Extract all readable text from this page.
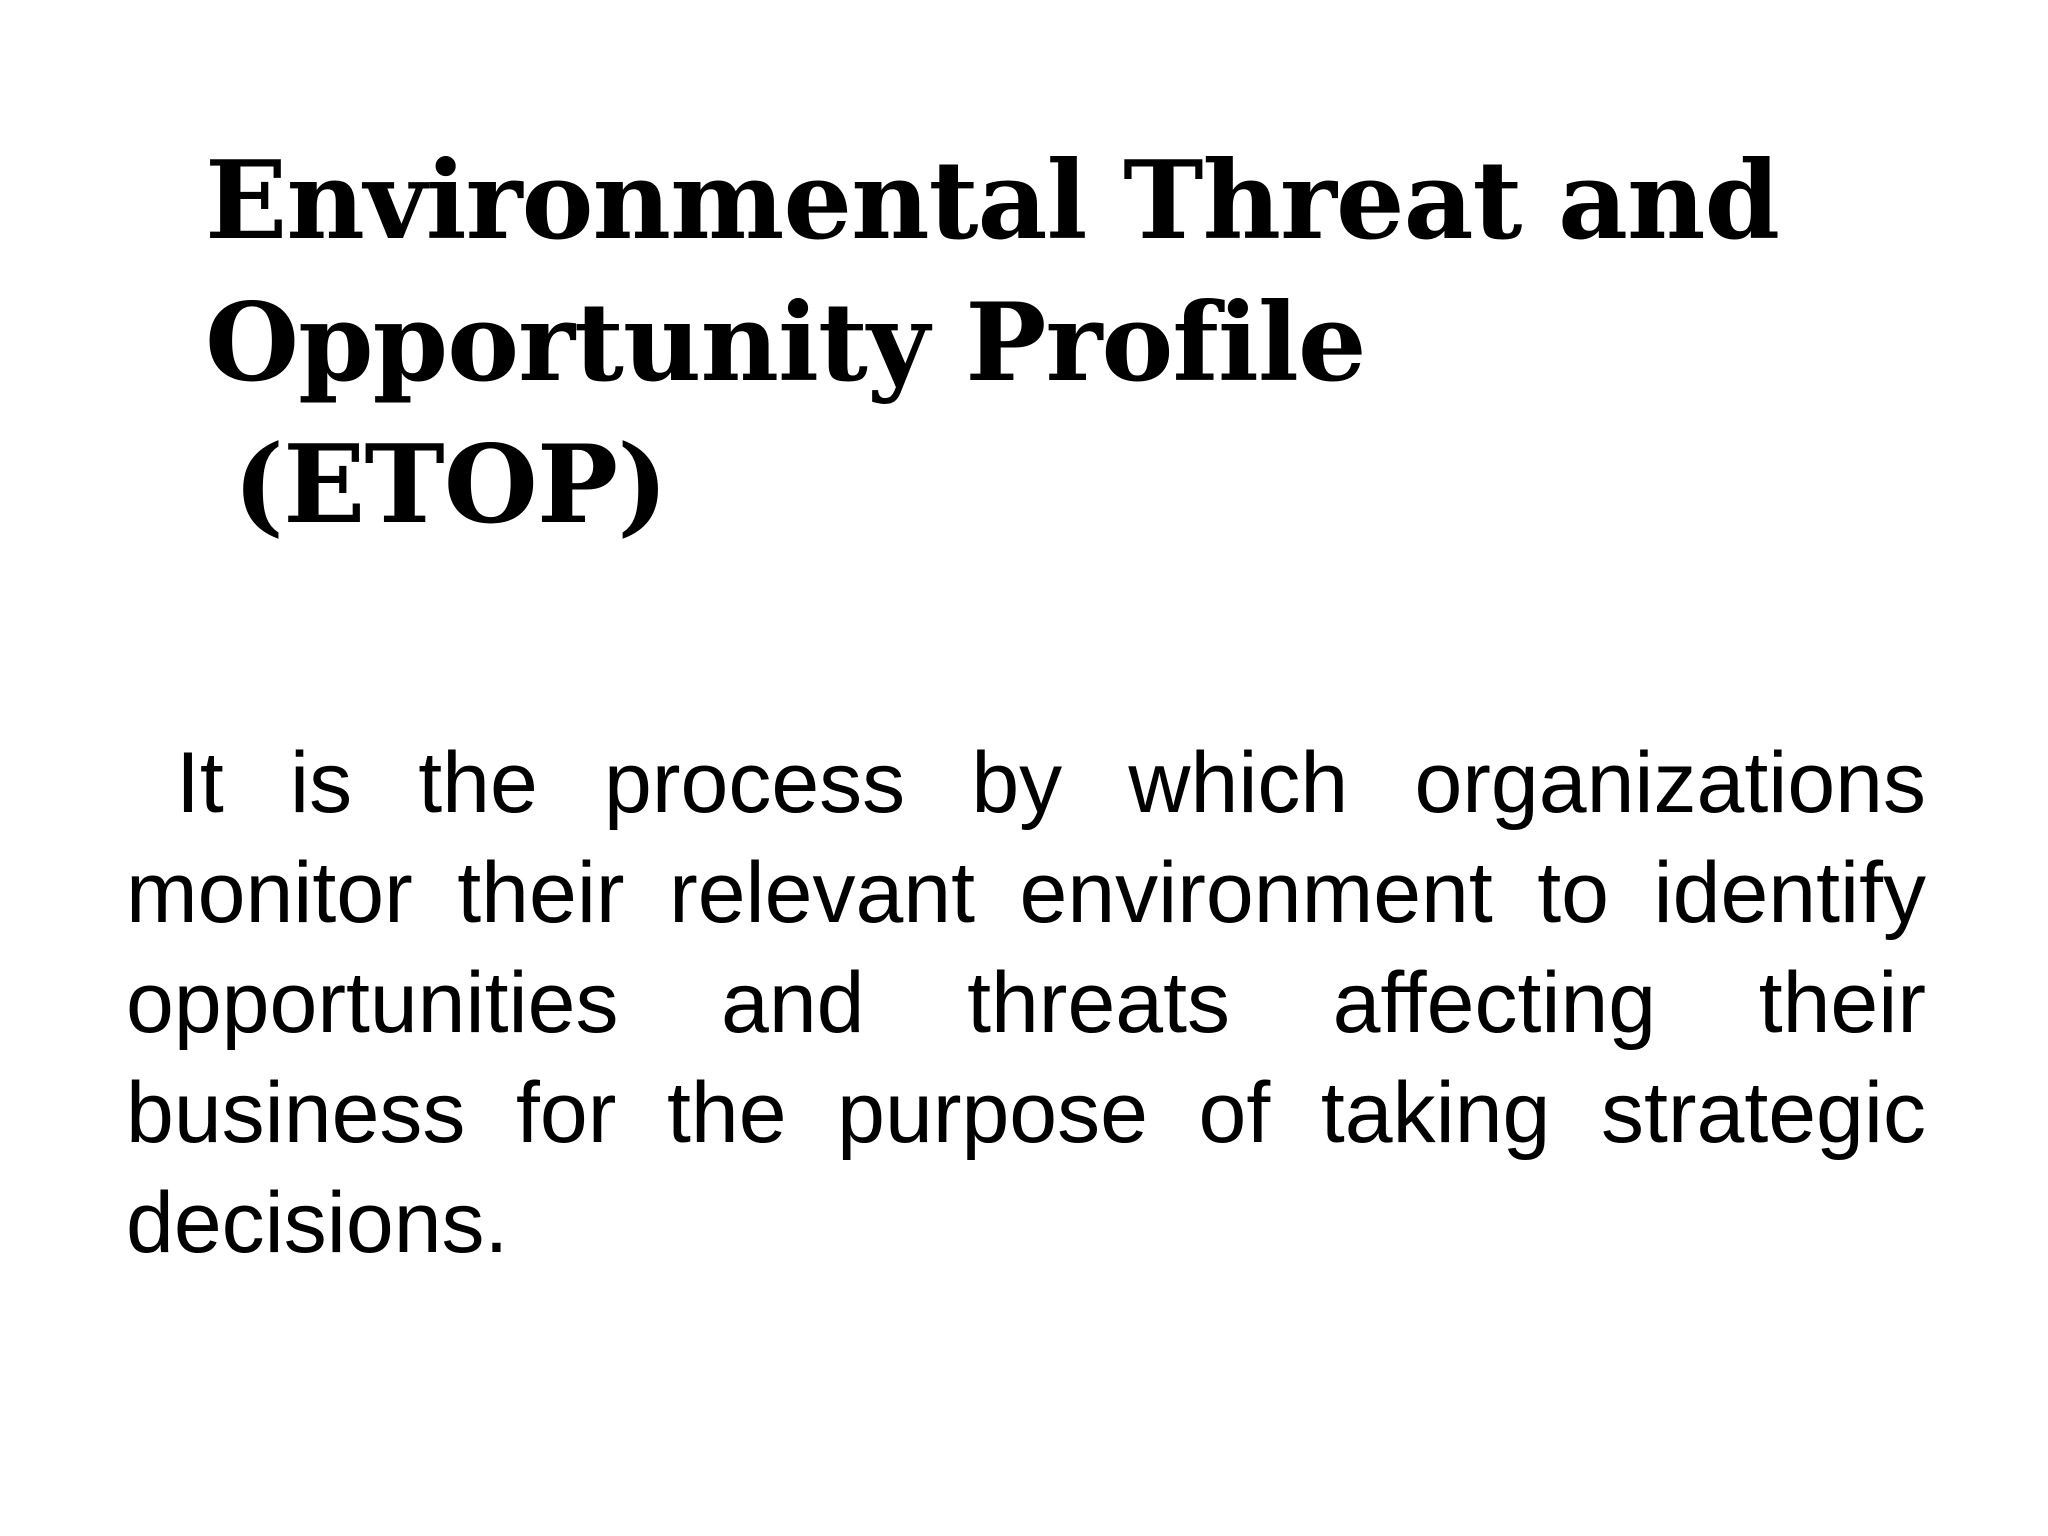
Environmental Threat and
Opportunity Profile
(ETOP)

It is the process by which organizations monitor their relevant environment to identify opportunities and threats affecting their business for the purpose of taking strategic decisions.
